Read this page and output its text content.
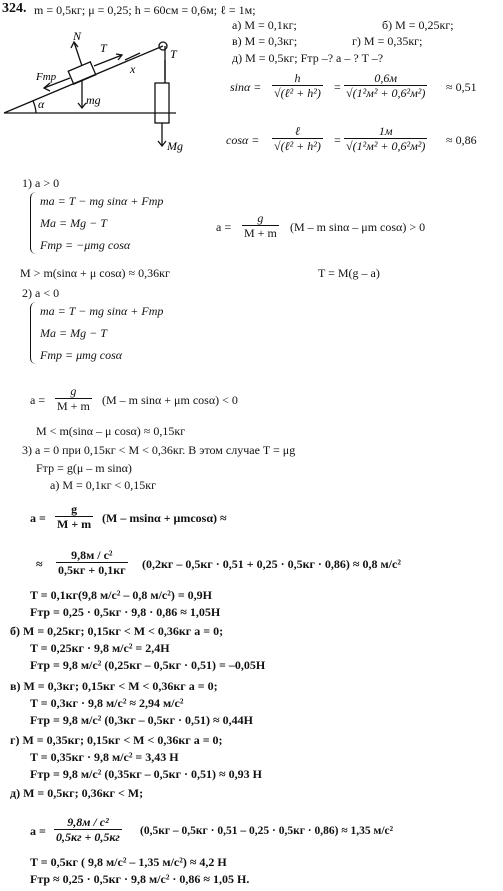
324. m = 0,5кг; μ = 0,25; h = 60см = 0,6м; ℓ = 1м;
N
T	T
Fтр
mg
Mg
x
α
а) M = 0,1кг;	б) M = 0,25кг;
в) M = 0,3кг;	г) M = 0,35кг;
д) M = 0,5кг; Fтр –? а – ? T –?
sinα =
h
√(ℓ² + h²) =
0,6м
√(1²м² + 0,6²м²) ≈ 0,51
cosα =
ℓ
√(ℓ² + h²) =
1м
√(1²м² + 0,6²м²) ≈ 0,86
1) a > 0
ma = T − mg sinα + Fтр
Ma = Mg − T
Fтр = −μmg cosα
$a = \frac{g}{M + m} (M - m$ sinα – μm cosα) > 0
M > m(sinα + μ cosα) ≈ 0,36кг	T = M(g – a)
2) a < 0
ma = T − mg sinα + Fтр
Ma = Mg − T
Fтр = μmg cosα
$a = \frac{g}{M + m} (M - m$ sinα + μm cosα) < 0
M < m(sinα – μ cosα) ≈ 0,15кг
3) a = 0 при 0,15кг < M < 0,36кг. В этом случае T = μg
Fтр = g(μ – m sinα)
а) M = 0,1кг < 0,15кг
$a = \frac{g}{M + m} (M - msin\alpha + \mu mcos\alpha)$ ≈
≈
9,8м / с²
0,5кг + 0,1кг (0,2кг – 0,5кг · 0,51 + 0,25 · 0,5кг · 0,86) ≈ 0,8 м/с²
T = 0,1кг(9,8 м/с² – 0,8 м/с²) = 0,9Н
Fтр = 0,25 · 0,5кг · 9,8 · 0,86 ≈ 1,05Н
б) M = 0,25кг; 0,15кг < M < 0,36кг a = 0;
T = 0,25кг · 9,8 м/с² = 2,4Н
Fтр = 9,8 м/с² (0,25кг – 0,5кг · 0,51) = –0,05Н
в) M = 0,3кг; 0,15кг < M < 0,36кг a = 0;
T = 0,3кг · 9,8 м/с² ≈ 2,94 м/с²
Fтр = 9,8 м/с² (0,3кг – 0,5кг · 0,51) ≈ 0,44Н
г) M = 0,35кг; 0,15кг < M < 0,36кг a = 0;
T = 0,35кг · 9,8 м/с² = 3,43 Н
Fтр = 9,8 м/с² (0,35кг – 0,5кг · 0,51) ≈ 0,93 Н
д) M = 0,5кг; 0,36кг < M;
a =
9,8м / с²
0,5кг + 0,5кг (0,5кг – 0,5кг · 0,51 – 0,25 · 0,5кг · 0,86) ≈ 1,35 м/с²
T = 0,5кг ( 9,8 м/с² – 1,35 м/с²) ≈ 4,2 Н
Fтр ≈ 0,25 · 0,5кг · 9,8 м/с² · 0,86 ≈ 1,05 Н.
